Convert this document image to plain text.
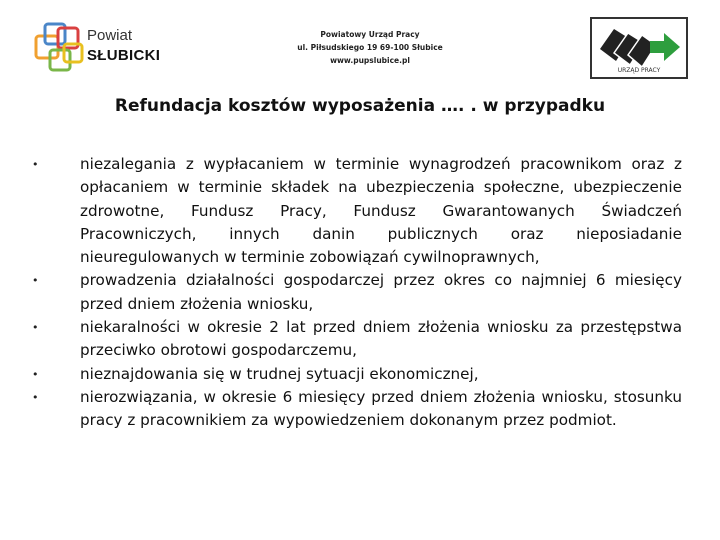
Powiat
SŁUBICKI
Powiatowy Urząd Pracy
ul. Piłsudskiego 19 69-100 Słubice
www.pupslubice.pl
URZĄD PRACY
Refundacja kosztów wyposażenia …. . w przypadku
•	niezalegania z wypłacaniem w terminie wynagrodzeń pracownikom oraz z opłacaniem w terminie składek na ubezpieczenia społeczne, ubezpieczenie zdrowotne, Fundusz Pracy, Fundusz Gwarantowanych Świadczeń Pracowniczych, innych danin publicznych oraz nieposiadanie nieuregulowanych w terminie zobowiązań cywilnoprawnych,
•	prowadzenia działalności gospodarczej przez okres co najmniej 6 miesięcy przed dniem złożenia wniosku,
•	niekaralności w okresie 2 lat przed dniem złożenia wniosku za przestępstwa przeciwko obrotowi gospodarczemu,
•	nieznajdowania się w trudnej sytuacji ekonomicznej,
•	nierozwiązania, w okresie 6 miesięcy przed dniem złożenia wniosku, stosunku pracy z pracownikiem za wypowiedzeniem dokonanym przez podmiot.
